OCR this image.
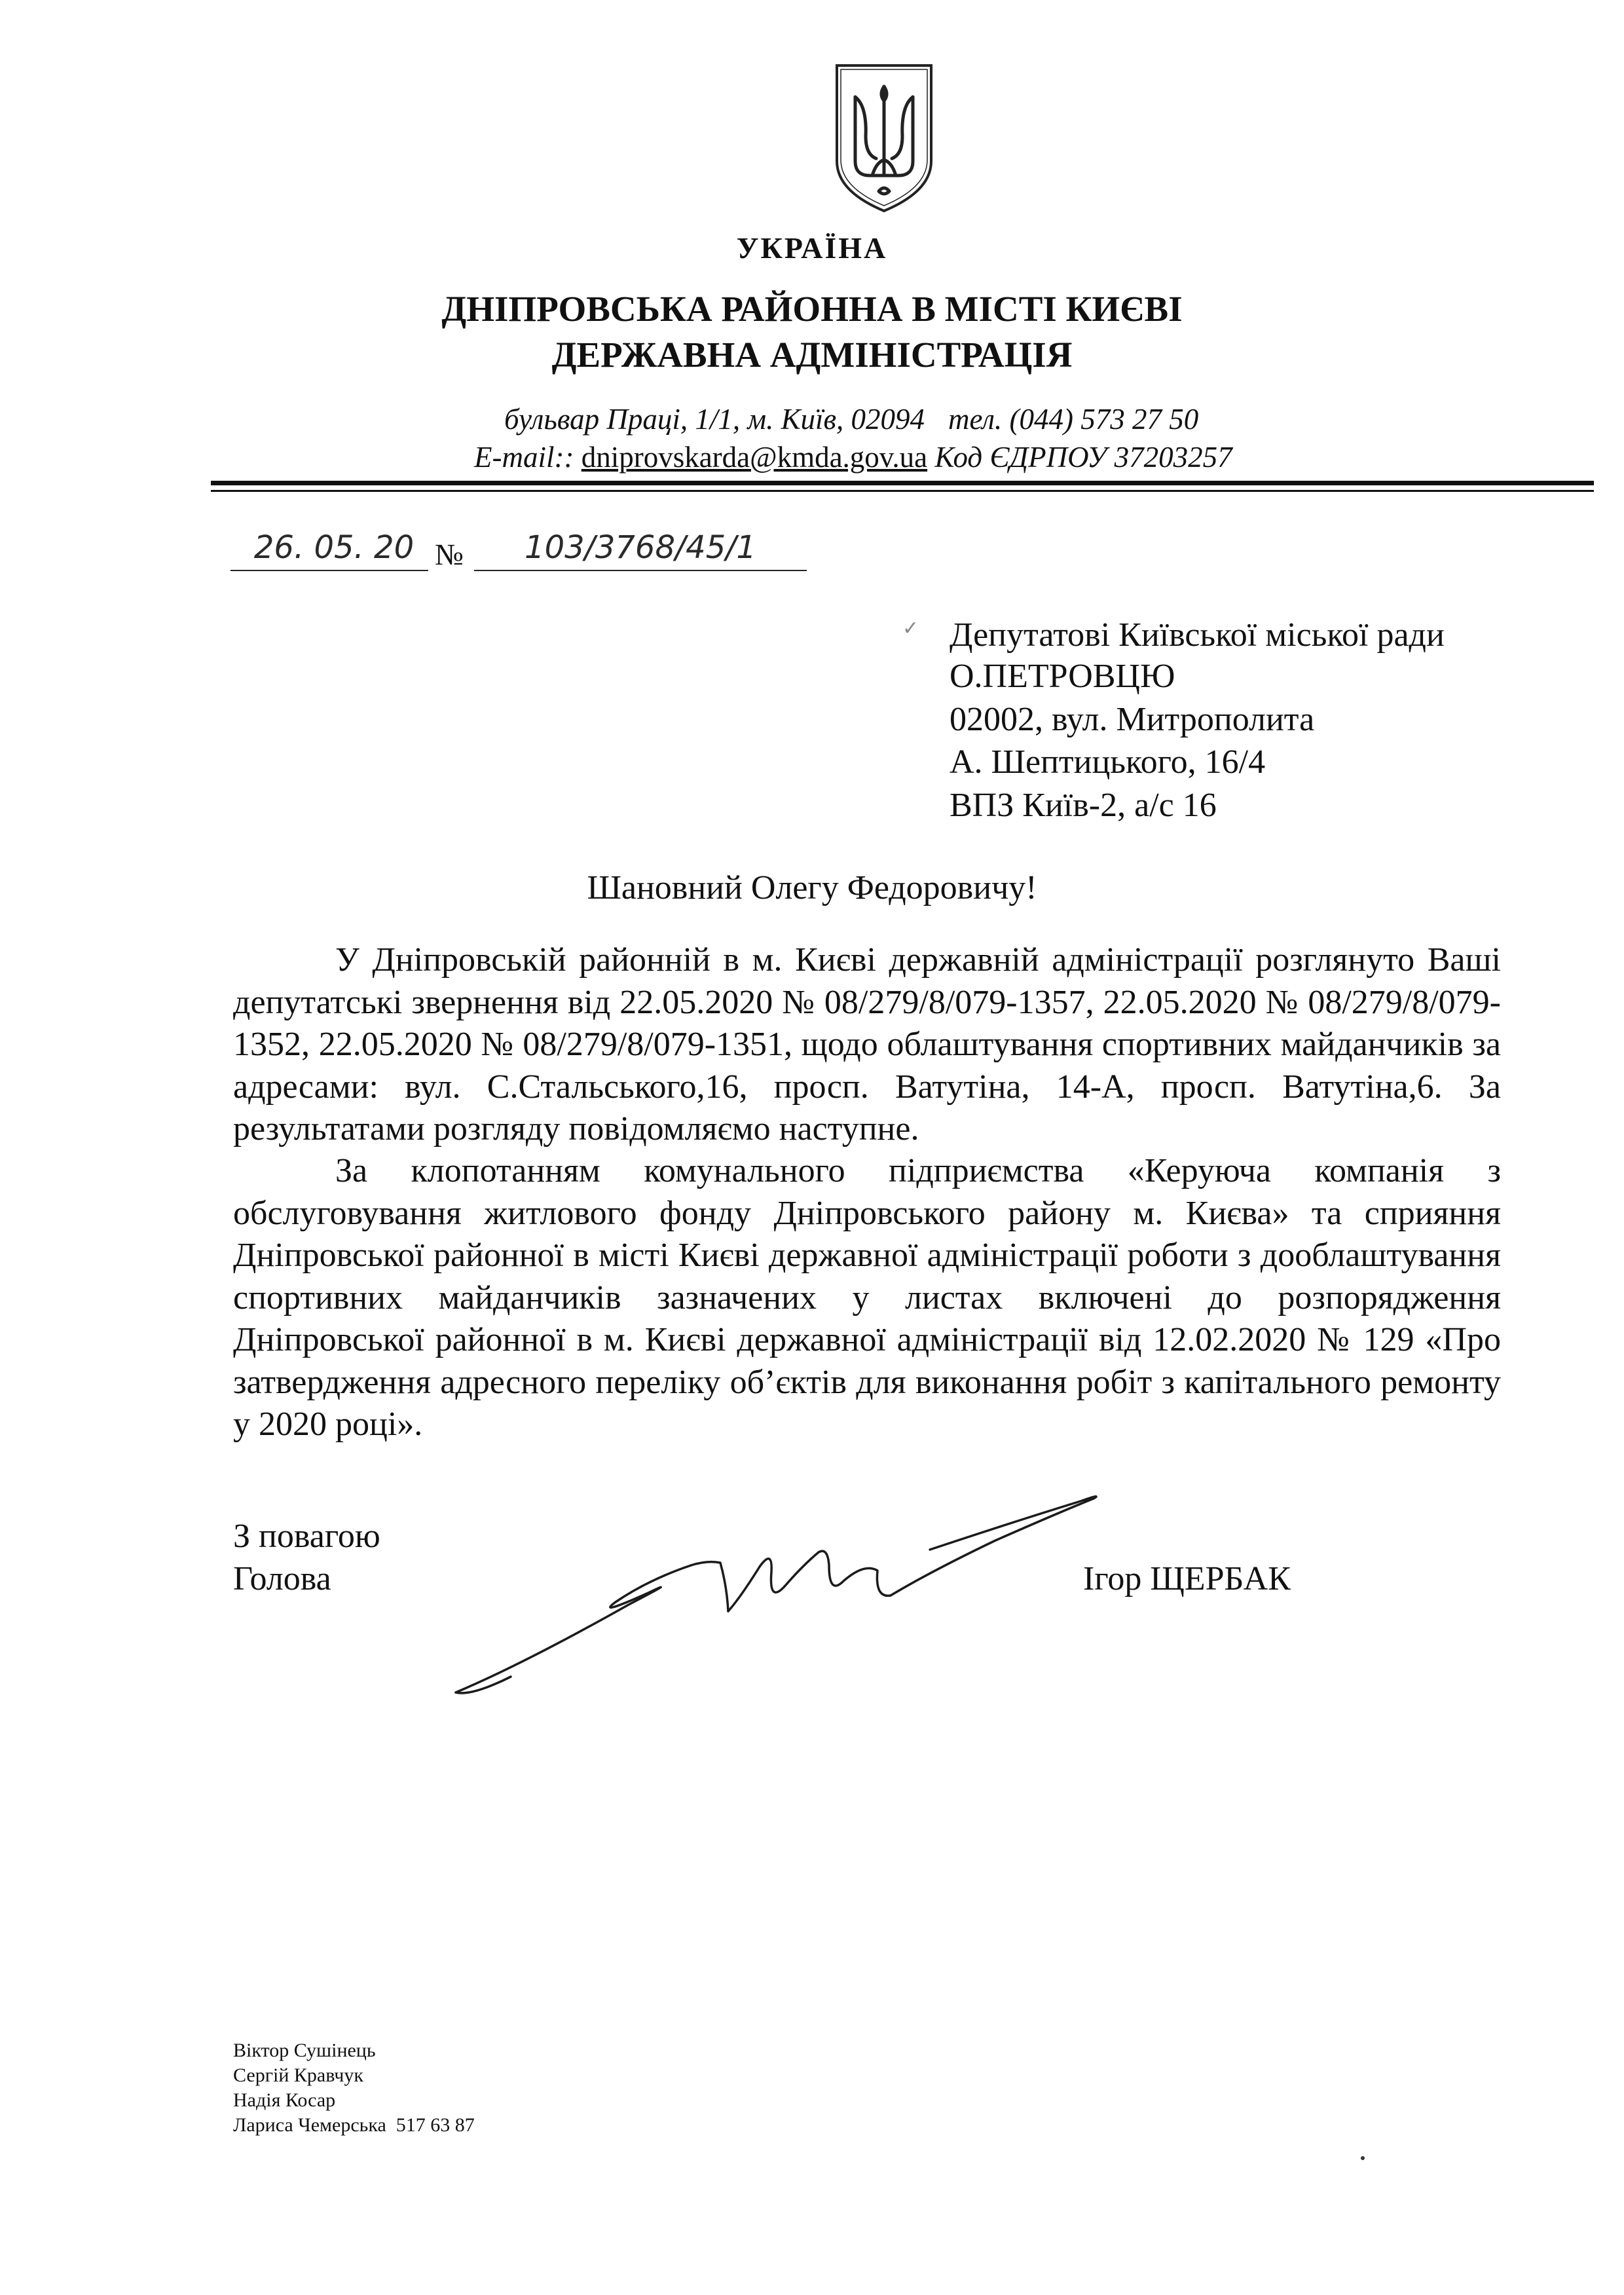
УКРАЇНА
ДНІПРОВСЬКА РАЙОННА В МІСТІ КИЄВІ
ДЕРЖАВНА АДМІНІСТРАЦІЯ
бульвар Праці, 1/1, м. Київ, 02094 тел. (044) 573 27 50
E-mail:: dniprovskarda@kmda.gov.ua Код ЄДРПОУ 37203257
26. 05. 20 №	103/3768/45/1
✓ Депутатові Київської міської ради
О.ПЕТРОВЦЮ
02002, вул. Митрополита
А. Шептицького, 16/4
ВПЗ Київ-2, а/с 16
Шановний Олегу Федоровичу!

У Дніпровській районній в м. Києві державній адміністрації розглянуто Ваші депутатські звернення від 22.05.2020 № 08/279/8/079-1357, 22.05.2020 № 08/279/8/079-1352, 22.05.2020 № 08/279/8/079-1351, щодо облаштування спортивних майданчиків за адресами: вул. С.Стальського,16, просп. Ватутіна, 14-А, просп. Ватутіна,6. За результатами розгляду повідомляємо наступне.

За клопотанням комунального підприємства «Керуюча компанія з обслуговування житлового фонду Дніпровського району м. Києва» та сприяння Дніпровської районної в місті Києві державної адміністрації роботи з дооблаштування спортивних майданчиків зазначених у листах включені до розпорядження Дніпровської районної в м. Києві державної адміністрації від 12.02.2020 № 129 «Про затвердження адресного переліку об’єктів для виконання робіт з капітального ремонту у 2020 році».

З повагою
Голова	Ігор ЩЕРБАК
Віктор Сушінець
Сергій Кравчук
Надія Косар
Лариса Чемерська  517 63 87
